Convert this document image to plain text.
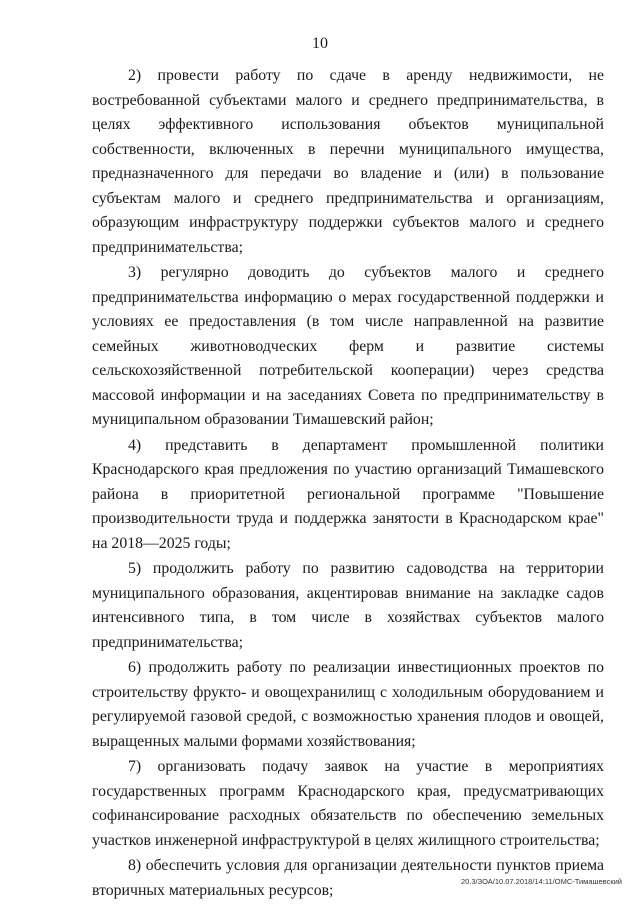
10

2) провести работу по сдаче в аренду недвижимости, не востребованной субъектами малого и среднего предпринимательства, в целях эффективного использования объектов муниципальной собственности, включенных в перечни муниципального имущества, предназначенного для передачи во владение и (или) в пользование субъектам малого и среднего предпринимательства и организациям, образующим инфраструктуру поддержки субъектов малого и среднего предпринимательства;

3) регулярно доводить до субъектов малого и среднего предпринимательства информацию о мерах государственной поддержки и условиях ее предоставления (в том числе направленной на развитие семейных животноводческих ферм и развитие системы сельскохозяйственной потребительской кооперации) через средства массовой информации и на заседаниях Совета по предпринимательству в муниципальном образовании Тимашевский район;

4) представить в департамент промышленной политики Краснодарского края предложения по участию организаций Тимашевского района в приоритетной региональной программе "Повышение производительности труда и поддержка занятости в Краснодарском крае" на 2018—2025 годы;

5) продолжить работу по развитию садоводства на территории муниципального образования, акцентировав внимание на закладке садов интенсивного типа, в том числе в хозяйствах субъектов малого предпринимательства;

6) продолжить работу по реализации инвестиционных проектов по строительству фрукто- и овощехранилищ с холодильным оборудованием и регулируемой газовой средой, с возможностью хранения плодов и овощей, выращенных малыми формами хозяйствования;

7) организовать подачу заявок на участие в мероприятиях государственных программ Краснодарского края, предусматривающих софинансирование расходных обязательств по обеспечению земельных участков инженерной инфраструктурой в целях жилищного строительства;

8) обеспечить условия для организации деятельности пунктов приема вторичных материальных ресурсов;	20.3/ЗОА/10.07.2018/14:11/ОМС-Тимашевский
